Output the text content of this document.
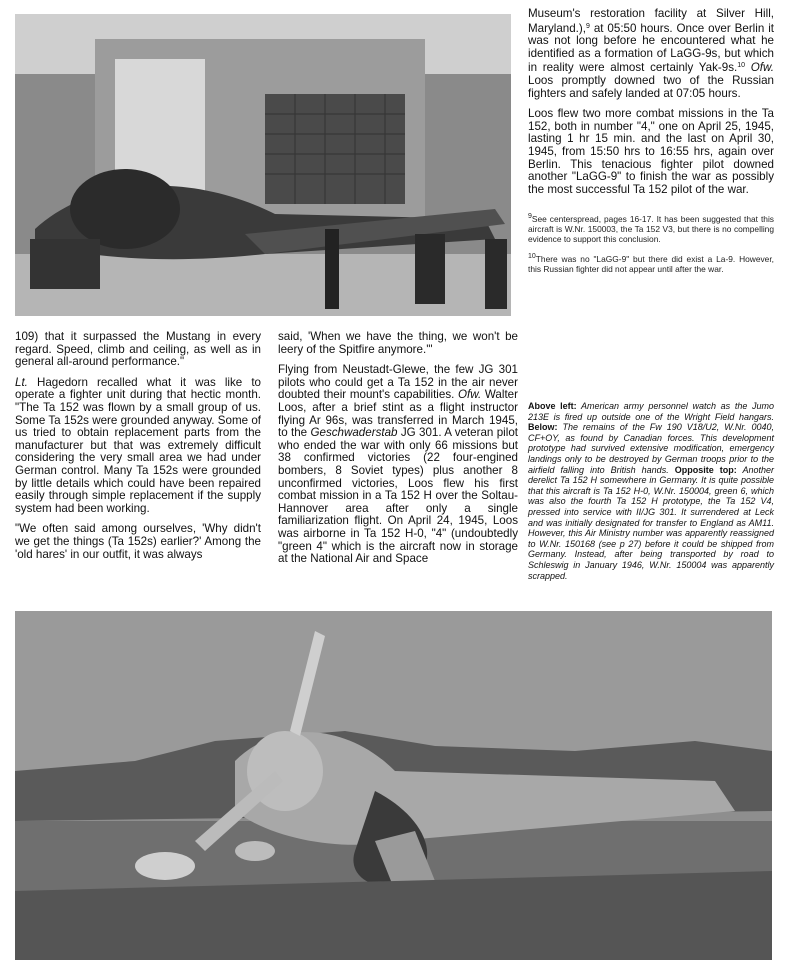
109) that it surpassed the Mustang in every regard. Speed, climb and ceiling, as well as in general all-around performance."

Lt. Hagedorn recalled what it was like to operate a fighter unit during that hectic month. "The Ta 152 was flown by a small group of us. Some Ta 152s were grounded anyway. Some of us tried to obtain replacement parts from the manufacturer but that was extremely difficult considering the very small area we had under German control. Many Ta 152s were grounded by little details which could have been repaired easily through simple replacement if the supply system had been working.

"We often said among ourselves, 'Why didn't we get the things (Ta 152s) earlier?' Among the 'old hares' in our outfit, it was always

said, 'When we have the thing, we won't be leery of the Spitfire anymore.'"

Flying from Neustadt-Glewe, the few JG 301 pilots who could get a Ta 152 in the air never doubted their mount's capabilities. Ofw. Walter Loos, after a brief stint as a flight instructor flying Ar 96s, was transferred in March 1945, to the Geschwaderstab JG 301. A veteran pilot who ended the war with only 66 missions but 38 confirmed victories (22 four-engined bombers, 8 Soviet types) plus another 8 unconfirmed victories, Loos flew his first combat mission in a Ta 152 H over the Soltau-Hannover area after only a single familiarization flight. On April 24, 1945, Loos was airborne in Ta 152 H-0, "4" (undoubtedly "green 4" which is the aircraft now in storage at the National Air and Space

Museum's restoration facility at Silver Hill, Maryland.),$^9$ at 05:50 hours. Once over Berlin it was not long before he encountered what he identified as a formation of LaGG-9s, but which in reality were almost certainly Yak-9s.$^{10}$ Ofw. Loos promptly downed two of the Russian fighters and safely landed at 07:05 hours.

Loos flew two more combat missions in the Ta 152, both in number "4," one on April 25, 1945, lasting 1 hr 15 min. and the last on April 30, 1945, from 15:50 hrs to 16:55 hrs, again over Berlin. This tenacious fighter pilot downed another "LaGG-9" to finish the war as possibly the most successful Ta 152 pilot of the war.

$^9$See centerspread, pages 16-17. It has been suggested that this aircraft is W.Nr. 150003, the Ta 152 V3, but there is no compelling evidence to support this conclusion.

$^{10}$There was no "LaGG-9" but there did exist a La-9. However, this Russian fighter did not appear until after the war.

Above left: American army personnel watch as the Jumo 213E is fired up outside one of the Wright Field hangars. Below: The remains of the Fw 190 V18/U2, W.Nr. 0040, CF+OY, as found by Canadian forces. This development prototype had survived extensive modification, emergency landings only to be destroyed by German troops prior to the airfield falling into British hands. Opposite top: Another derelict Ta 152 H somewhere in Germany. It is quite possible that this aircraft is Ta 152 H-0, W.Nr. 150004, green 6, which was also the fourth Ta 152 H prototype, the Ta 152 V4, pressed into service with II/JG 301. It surrendered at Leck and was initially designated for transfer to England as AM11. However, this Air Ministry number was apparently reassigned to W.Nr. 150168 (see p 27) before it could be shipped from Germany. Instead, after being transported by road to Schleswig in January 1946, W.Nr. 150004 was apparently scrapped.
